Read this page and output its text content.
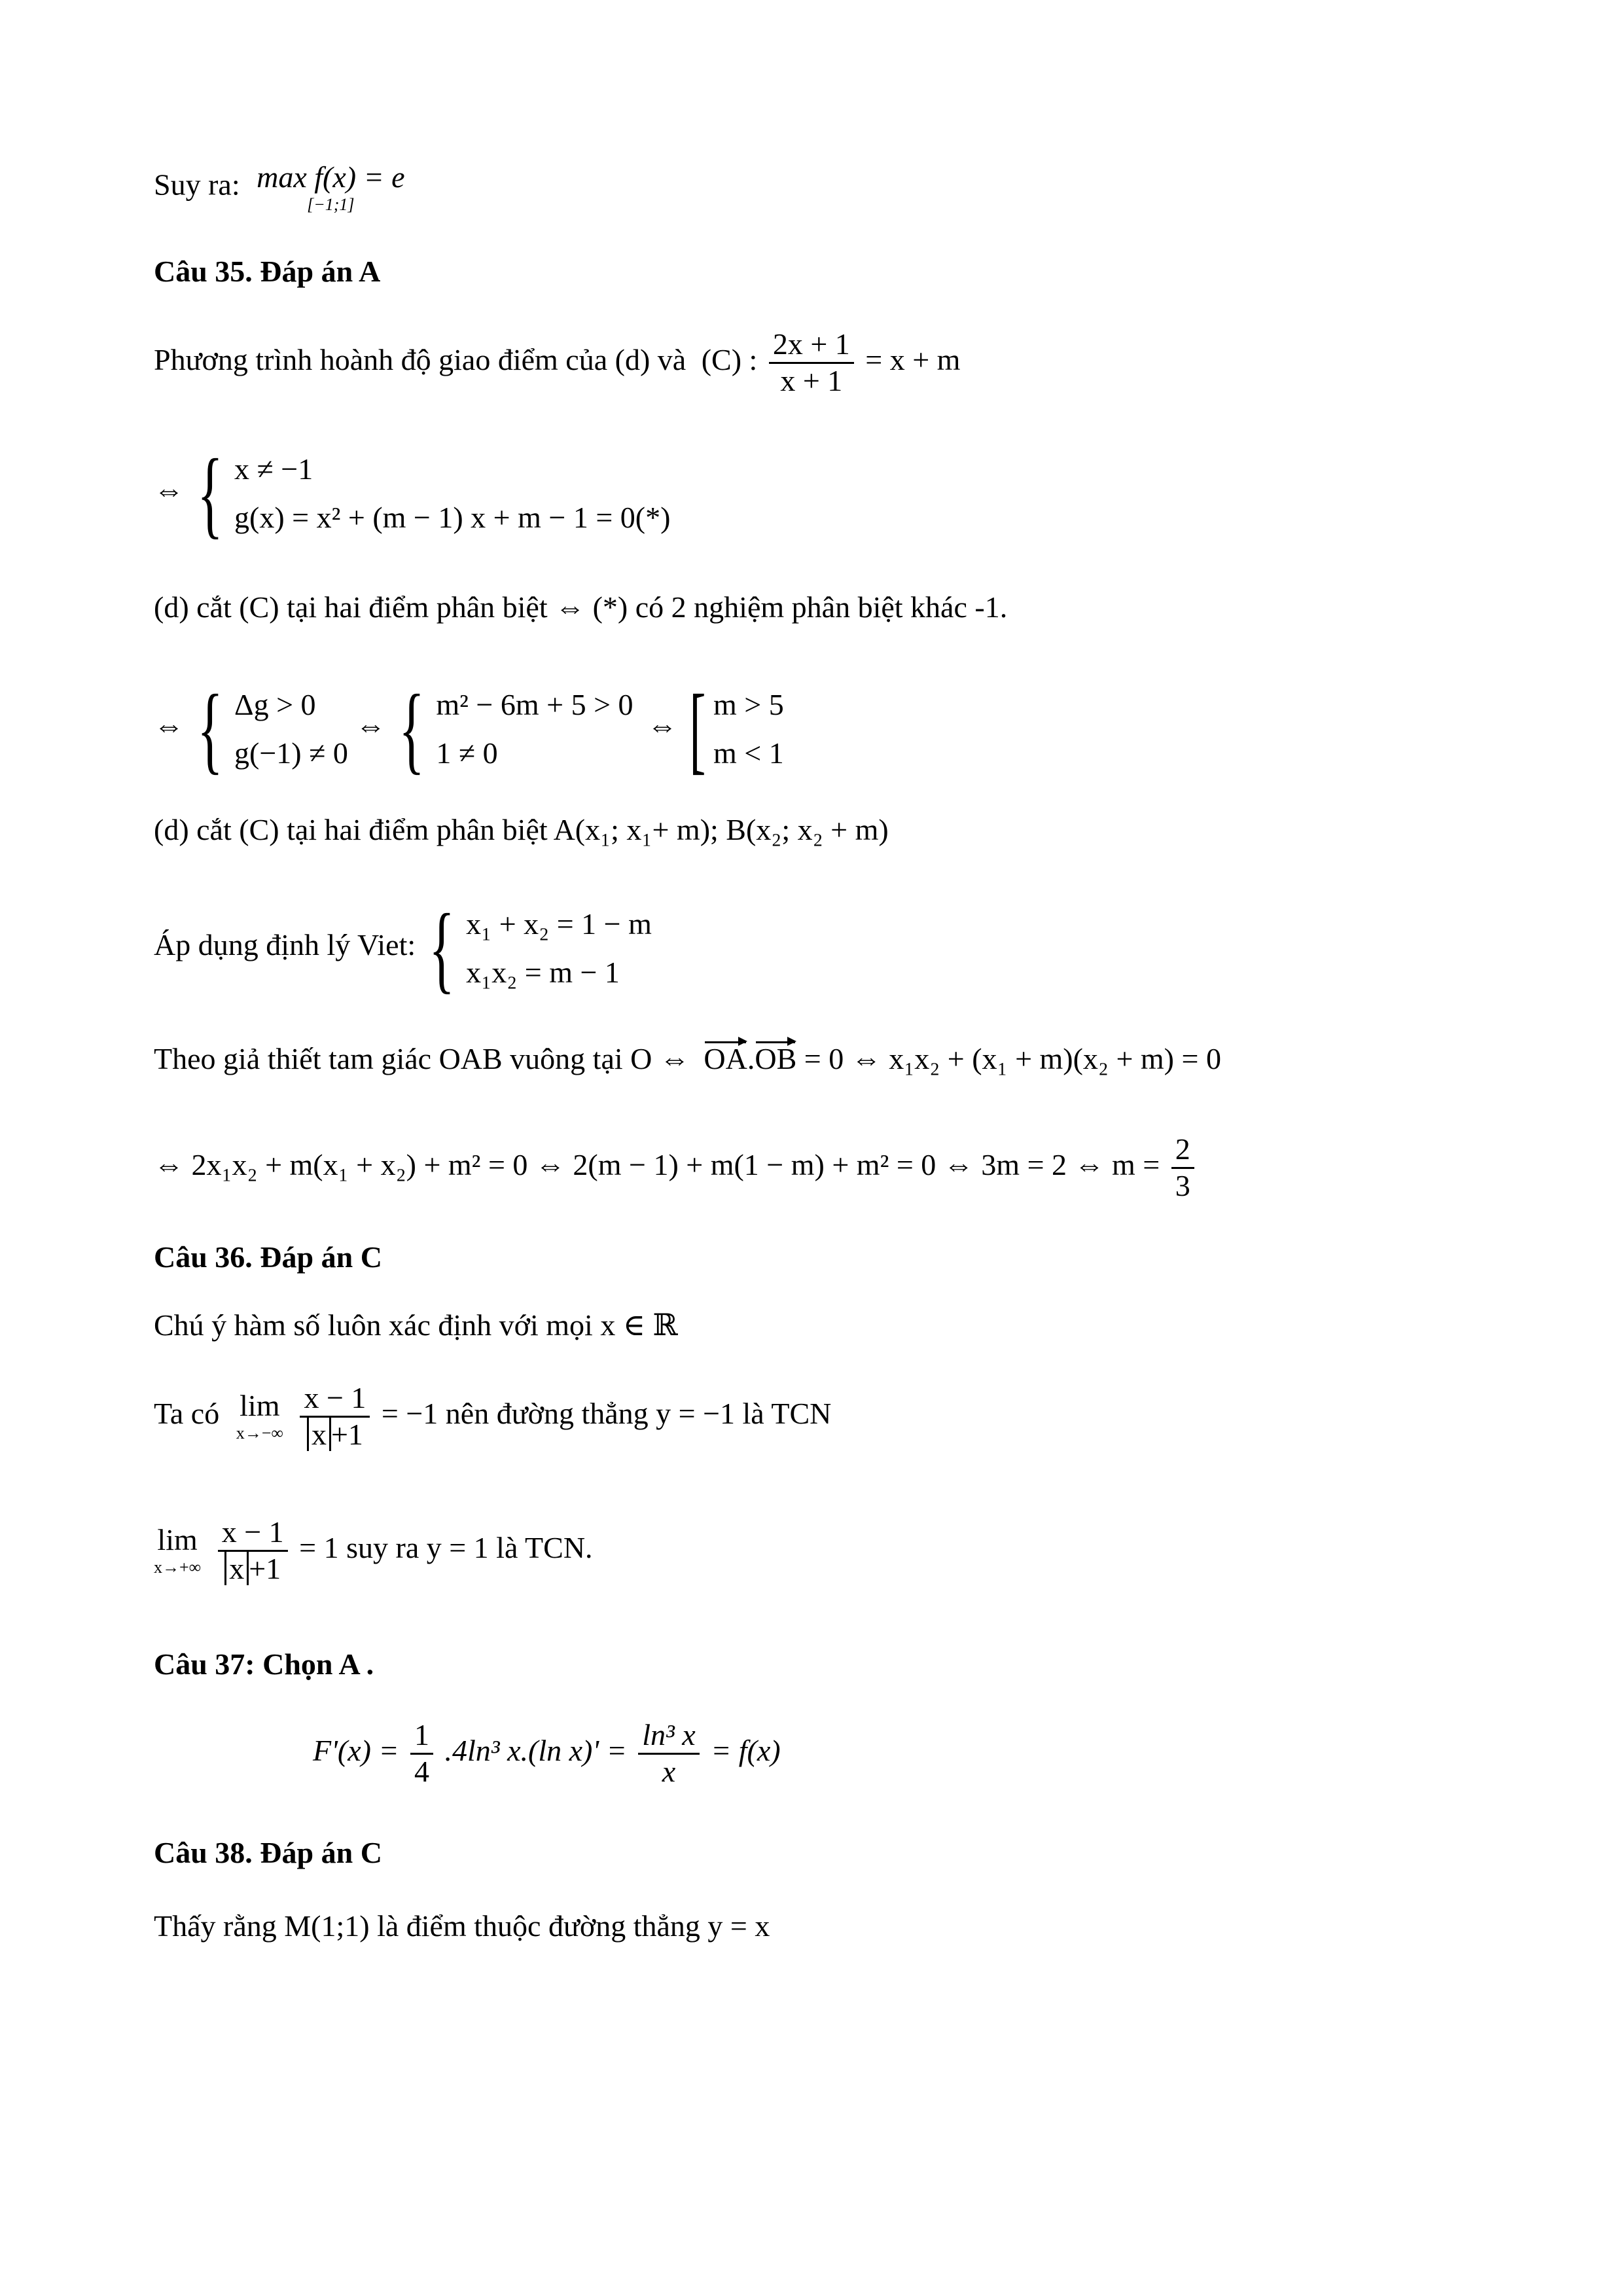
Suy ra: max f(x) = e
[−1;1]
Câu 35. Đáp án A
Phương trình hoành độ giao điểm của (d) và (C) : $\frac{2x + 1}{x + 1} = x + m$
⇔ { x ≠ −1
g(x) = x² + (m − 1) x + m − 1 = 0(*)
(d) cắt (C) tại hai điểm phân biệt ⇔ (*) có 2 nghiệm phân biệt khác -1.
⇔ { Δg > 0
g(−1) ≠ 0
⇔ { m² − 6m + 5 > 0
1 ≠ 0
⇔ [ m > 5
m < 1
(d) cắt (C) tại hai điểm phân biệt A(x₁; x₁+ m); B(x₂; x₂ + m)
Áp dụng định lý Viet: { x₁ + x₂ = 1 − m
x₁x₂ = m − 1
Theo giả thiết tam giác OAB vuông tại O ⇔ OA.OB = 0 ⇔ x₁x₂ + (x₁ + m)(x₂ + m) = 0
⇔ 2x₁x₂ + m(x₁ + x₂) + m² = 0 ⇔ 2(m − 1) + m(1 − m) + m² = 0 ⇔ 3m = 2 ⇔ $m = \frac{2}{3}$
Câu 36. Đáp án C
Chú ý hàm số luôn xác định với mọi x ∈ ℝ
Ta có lim
x→−∞
$\frac{x - 1}{x +1} = -1$ nên đường thẳng y = −1 là TCN
lim
x→+∞
$\frac{x - 1}{x +1} = 1$ suy ra y = 1 là TCN.
Câu 37: Chọn A .
$F'(x) = \frac{1}{4} .4\ln^3$ x.(ln $x)' = \frac{\text{ln³ x}}{x} = f(x)$
Câu 38. Đáp án C
Thấy rằng M(1;1) là điểm thuộc đường thẳng y = x
